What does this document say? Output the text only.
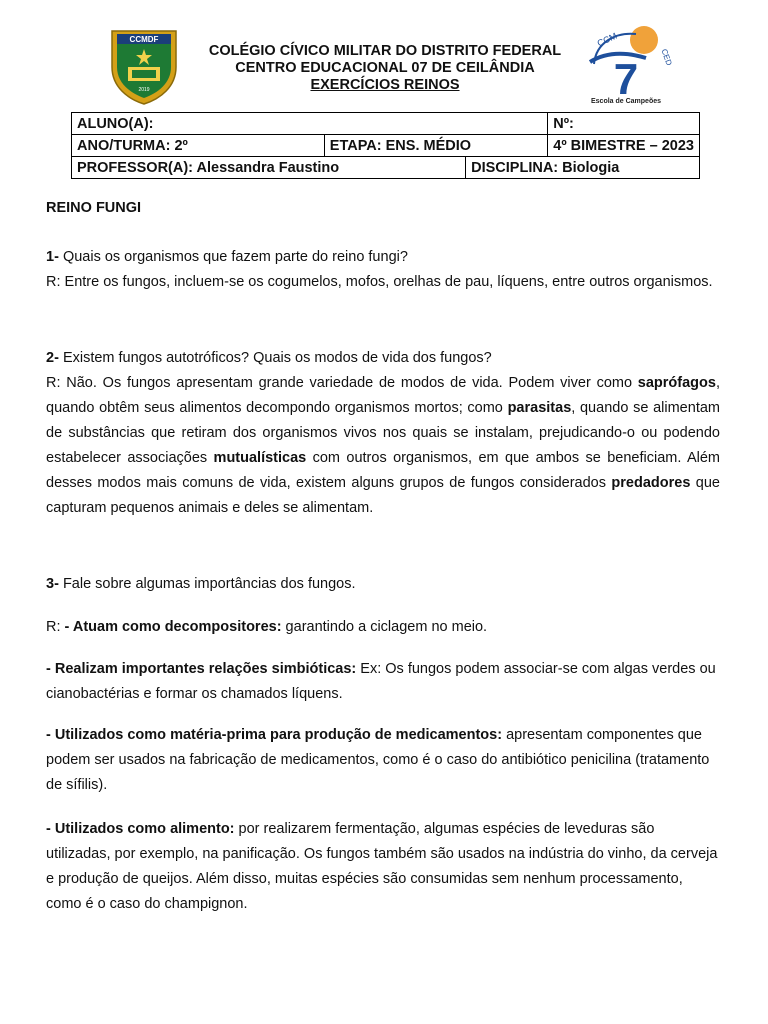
CCMDF
2019
COLÉGIO CÍVICO MILITAR DO DISTRITO FEDERAL
CENTRO EDUCACIONAL 07 DE CEILÂNDIA
EXERCÍCIOS REINOS
CCM
CED
7
Escola de Campeões
ALUNO(A):			Nº:
ANO/TURMA: 2º	ETAPA: ENS. MÉDIO		4º BIMESTRE – 2023
PROFESSOR(A): Alessandra Faustino		DISCIPLINA: Biologia	
REINO FUNGI
1- Quais os organismos que fazem parte do reino fungi?
R: Entre os fungos, incluem-se os cogumelos, mofos, orelhas de pau, líquens, entre outros organismos.
2- Existem fungos autotróficos? Quais os modos de vida dos fungos?
R: Não. Os fungos apresentam grande variedade de modos de vida. Podem viver como saprófagos, quando obtêm seus alimentos decompondo organismos mortos; como parasitas, quando se alimentam de substâncias que retiram dos organismos vivos nos quais se instalam, prejudicando-o ou podendo estabelecer associações mutualísticas com outros organismos, em que ambos se beneficiam. Além desses modos mais comuns de vida, existem alguns grupos de fungos considerados predadores que capturam pequenos animais e deles se alimentam.
3- Fale sobre algumas importâncias dos fungos.
R: - Atuam como decompositores: garantindo a ciclagem no meio.
- Realizam importantes relações simbióticas: Ex: Os fungos podem associar-se com algas verdes ou cianobactérias e formar os chamados líquens.
- Utilizados como matéria-prima para produção de medicamentos: apresentam componentes que podem ser usados na fabricação de medicamentos, como é o caso do antibiótico penicilina (tratamento de sífilis).
- Utilizados como alimento: por realizarem fermentação, algumas espécies de leveduras são utilizadas, por exemplo, na panificação. Os fungos também são usados na indústria do vinho, da cerveja e produção de queijos. Além disso, muitas espécies são consumidas sem nenhum processamento, como é o caso do champignon.
